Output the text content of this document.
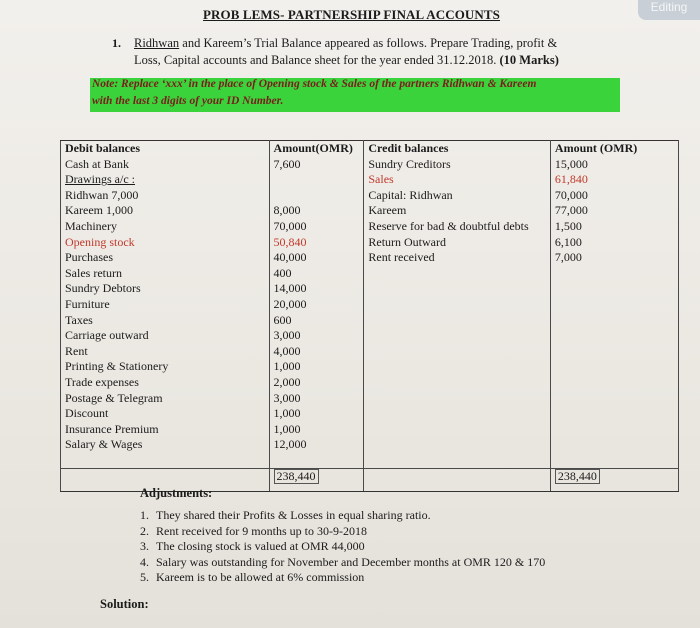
Editing
PROB LEMS- PARTNERSHIP FINAL ACCOUNTS
1. Ridhwan and Kareem’s Trial Balance appeared as follows. Prepare Trading, profit &
Loss, Capital accounts and Balance sheet for the year ended 31.12.2018. (10 Marks)
Note: Replace ‘xxx’ in the place of Opening stock & Sales of the partners Ridhwan & Kareem
with the last 3 digits of your ID Number.
Debit balances	Amount(OMR)	Credit balances	Amount (OMR)
Cash at Bank	7,600	Sundry Creditors	15,000
Drawings a/c :		Sales	61,840
Ridhwan 7,000		Capital: Ridhwan	70,000
Kareem 1,000	8,000	Kareem	77,000
Machinery	70,000	Reserve for bad & doubtful debts	1,500
Opening stock	50,840	Return Outward	6,100
Purchases	40,000	Rent received	7,000
Sales return	400		
Sundry Debtors	14,000		
Furniture	20,000		
Taxes	600		
Carriage outward	3,000		
Rent	4,000		
Printing & Stationery	1,000		
Trade expenses	2,000		
Postage & Telegram	3,000		
Discount	1,000		
Insurance Premium	1,000		
Salary & Wages	12,000		

	238,440		238,440
Adjustments:
1. They shared their Profits & Losses in equal sharing ratio.
2. Rent received for 9 months up to 30-9-2018
3. The closing stock is valued at OMR 44,000
4. Salary was outstanding for November and December months at OMR 120 & 170
5. Kareem is to be allowed at 6% commission
Solution:
